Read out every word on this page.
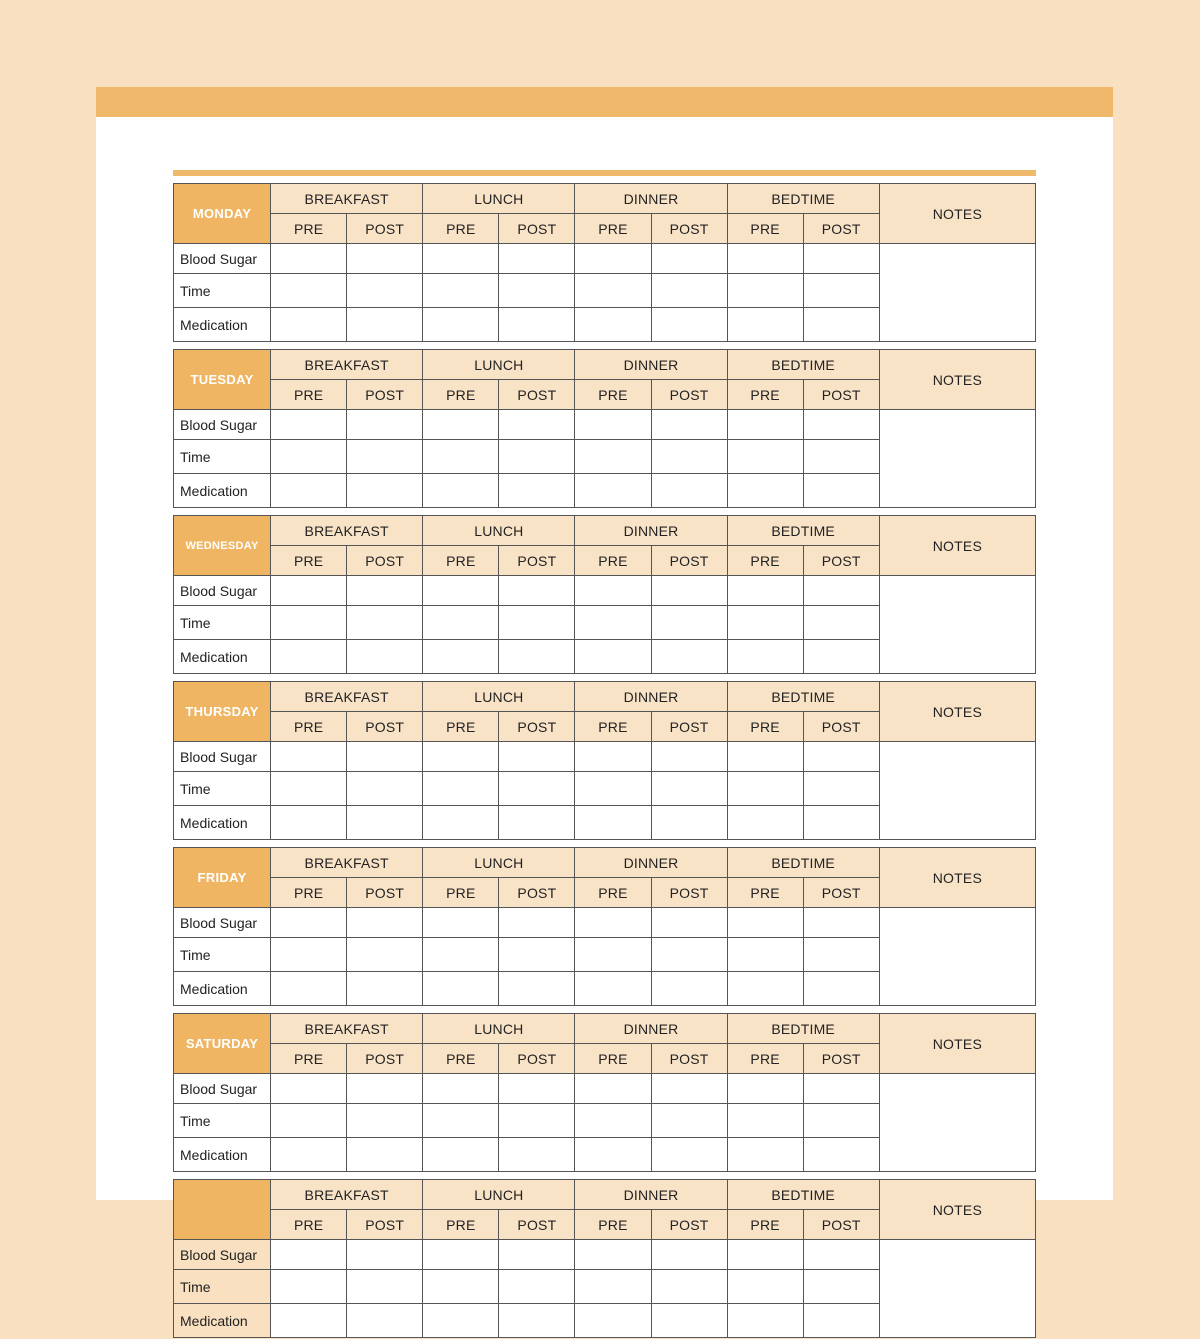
MONDAY	BREAKFAST		LUNCH		DINNER		BEDTIME		NOTES
	PRE	POST	PRE	POST	PRE	POST	PRE	POST	
Blood Sugar									
Time									
Medication									
TUESDAY	BREAKFAST		LUNCH		DINNER		BEDTIME		NOTES
	PRE	POST	PRE	POST	PRE	POST	PRE	POST	
Blood Sugar									
Time									
Medication									
WEDNESDAY	BREAKFAST		LUNCH		DINNER		BEDTIME		NOTES
	PRE	POST	PRE	POST	PRE	POST	PRE	POST	
Blood Sugar									
Time									
Medication									
THURSDAY	BREAKFAST		LUNCH		DINNER		BEDTIME		NOTES
	PRE	POST	PRE	POST	PRE	POST	PRE	POST	
Blood Sugar									
Time									
Medication									
FRIDAY	BREAKFAST		LUNCH		DINNER		BEDTIME		NOTES
	PRE	POST	PRE	POST	PRE	POST	PRE	POST	
Blood Sugar									
Time									
Medication									
SATURDAY	BREAKFAST		LUNCH		DINNER		BEDTIME		NOTES
	PRE	POST	PRE	POST	PRE	POST	PRE	POST	
Blood Sugar									
Time									
Medication									
	BREAKFAST		LUNCH		DINNER		BEDTIME		NOTES
	PRE	POST	PRE	POST	PRE	POST	PRE	POST	
Blood Sugar									
Time									
Medication									
